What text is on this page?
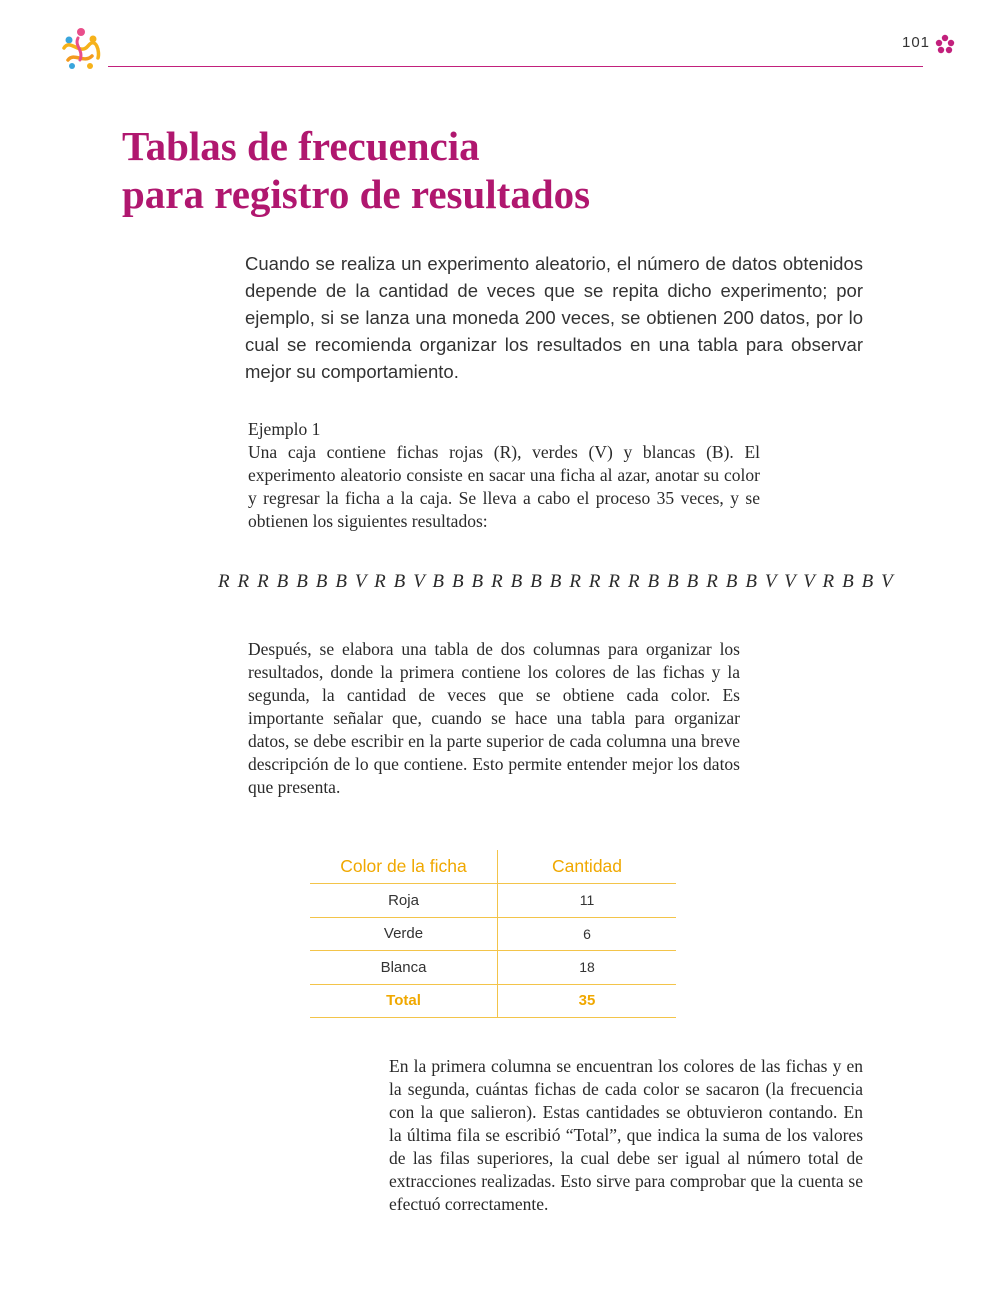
101
Tablas de frecuencia
para registro de resultados

Cuando se realiza un experimento aleatorio, el número de datos obtenidos depende de la cantidad de veces que se repita dicho experimento; por ejemplo, si se lanza una moneda 200 veces, se obtienen 200 datos, por lo cual se recomienda organizar los resultados en una tabla para observar mejor su comportamiento.

Ejemplo 1

Una caja contiene fichas rojas (R), verdes (V) y blancas (B). El experimento aleatorio consiste en sacar una ficha al azar, anotar su color y regresar la ficha a la caja. Se lleva a cabo el proceso 35 veces, y se obtienen los siguientes resultados:

R R R B B B B V R B V B B B R B B B R R R R B B B R B B V V V R B B V

Después, se elabora una tabla de dos columnas para organizar los resultados, donde la primera contiene los colores de las fichas y la segunda, la cantidad de veces que se obtiene cada color. Es importante señalar que, cuando se hace una tabla para organizar datos, se debe escribir en la parte superior de cada columna una breve descripción de lo que contiene. Esto permite entender mejor los datos que presenta.

Color de la ficha	Cantidad
Roja	11
Verde	6
Blanca	18
Total	35

En la primera columna se encuentran los colores de las fichas y en la segunda, cuántas fichas de cada color se sacaron (la frecuencia con la que salieron). Estas cantidades se obtuvieron contando. En la última fila se escribió “Total”, que indica la suma de los valores de las filas superiores, la cual debe ser igual al número total de extracciones realizadas. Esto sirve para comprobar que la cuenta se efectuó correctamente.
